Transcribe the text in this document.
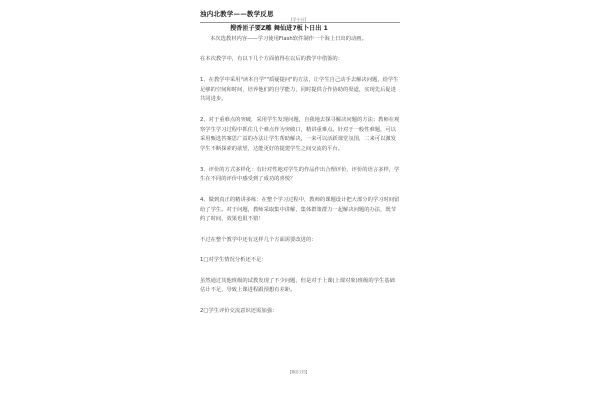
浊内北教学——教学反思
[学小计]
搜香匝子要Z雕 舞仙进7板卜日出 1

本次选教材内容——学习使用Flash软件制作一个海上日出的动画。

在本次教学中，有以下几个方面值得在以后的教学中借鉴的：

1、在教学中采用"读本自学""质疑提问"的方法，让学生自己动手去解决问题，给学生足够的空间和时间，培养他们的自学能力，同时提供合作协助的渠道，实现先后促进共同进步。

2、对于重难点的突破，采用学生发现问题，自我地去探寻解决问题的方法；教师在观察学生学习过程中抓住几个难点作为突破口，精讲重难点。针对于一般性难题，可以采用甄选答案思广益的办法让学生帮助解决，一来可以活跃课堂氛围，二来可以激发学生不断探索的欲望，达能更好的提建学生之间交流的平台。

3、评价的方式多样化：有针对性地对学生的作品作出合理评价，评价的语言多样，学生在不同的评价中感受到了成功的喜悦？

4、做到真正的精讲多练：在整个学习过程中，教师的课题设计把大部分的学习时间留给了学生。对于问题，教师采取集中讲解，集体群策群力一起解决问题的办法，既节约了时间，效果也很不错！

不过在整个教学中还有这样几个方面需要改进的：

1□对学生情况分析还不足：

虽然通过其他班级的试教发现了不少问题，但是对于上课(上课对象)班级的学生基础估计不足，导致上课进程跟预想有差距。

2□学生评价交流意识还需加强：

【精品文档】
